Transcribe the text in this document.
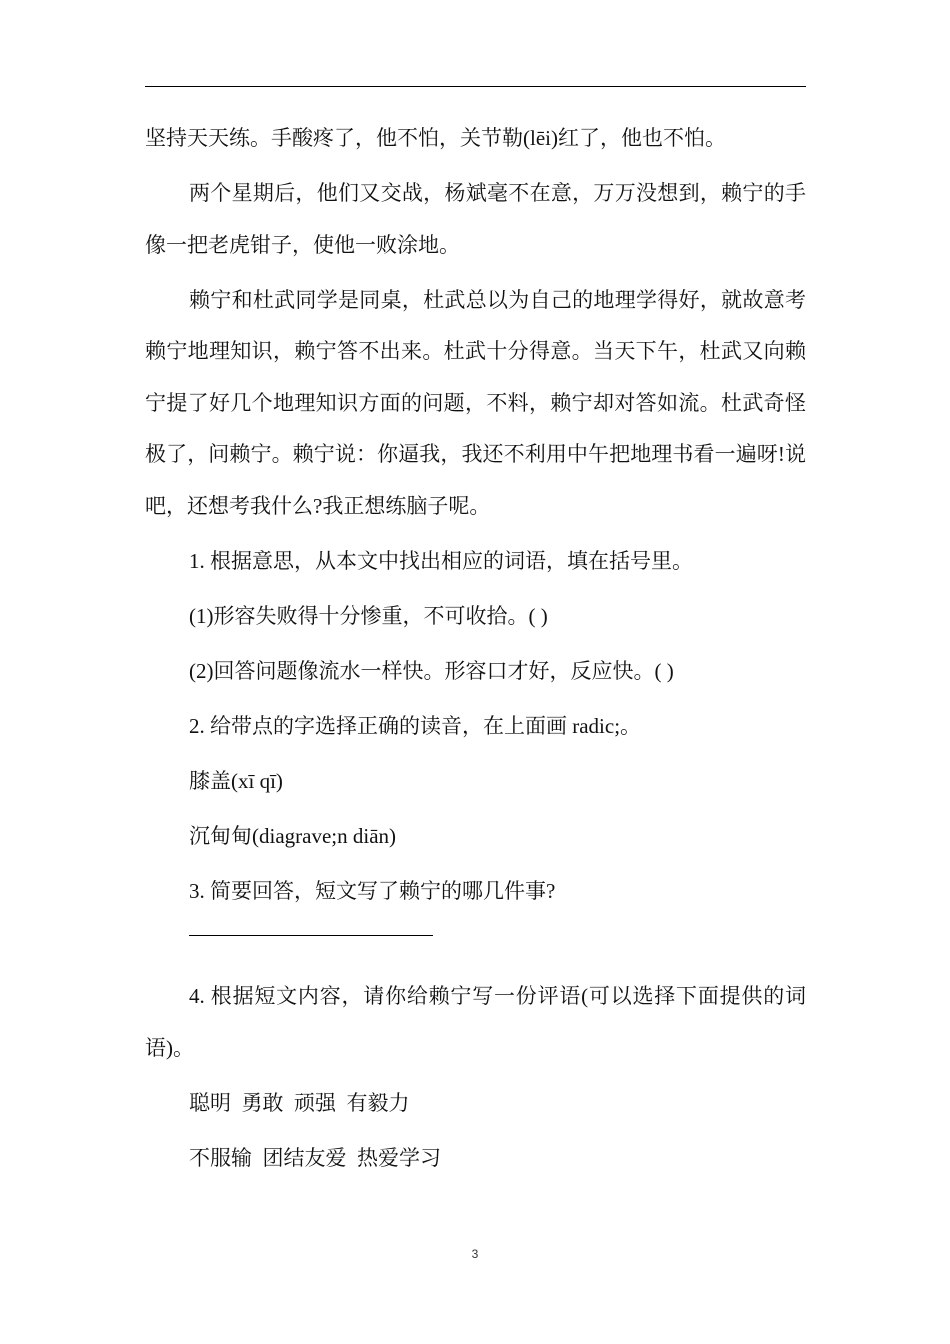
坚持天天练。手酸疼了，他不怕，关节勒(lēi)红了，他也不怕。

两个星期后，他们又交战，杨斌毫不在意，万万没想到，赖宁的手像一把老虎钳子，使他一败涂地。

赖宁和杜武同学是同桌，杜武总以为自己的地理学得好，就故意考赖宁地理知识，赖宁答不出来。杜武十分得意。当天下午，杜武又向赖宁提了好几个地理知识方面的问题，不料，赖宁却对答如流。杜武奇怪极了，问赖宁。赖宁说：你逼我，我还不利用中午把地理书看一遍呀!说吧，还想考我什么?我正想练脑子呢。

1. 根据意思，从本文中找出相应的词语，填在括号里。

(1)形容失败得十分惨重，不可收拾。( )

(2)回答问题像流水一样快。形容口才好，反应快。( )

2. 给带点的字选择正确的读音，在上面画 radic;。

膝盖(xī qī)

沉甸甸(diagrave;n diān)

3. 简要回答，短文写了赖宁的哪几件事?

4. 根据短文内容，请你给赖宁写一份评语(可以选择下面提供的词语)。

聪明  勇敢  顽强  有毅力

不服输  团结友爱  热爱学习

3
